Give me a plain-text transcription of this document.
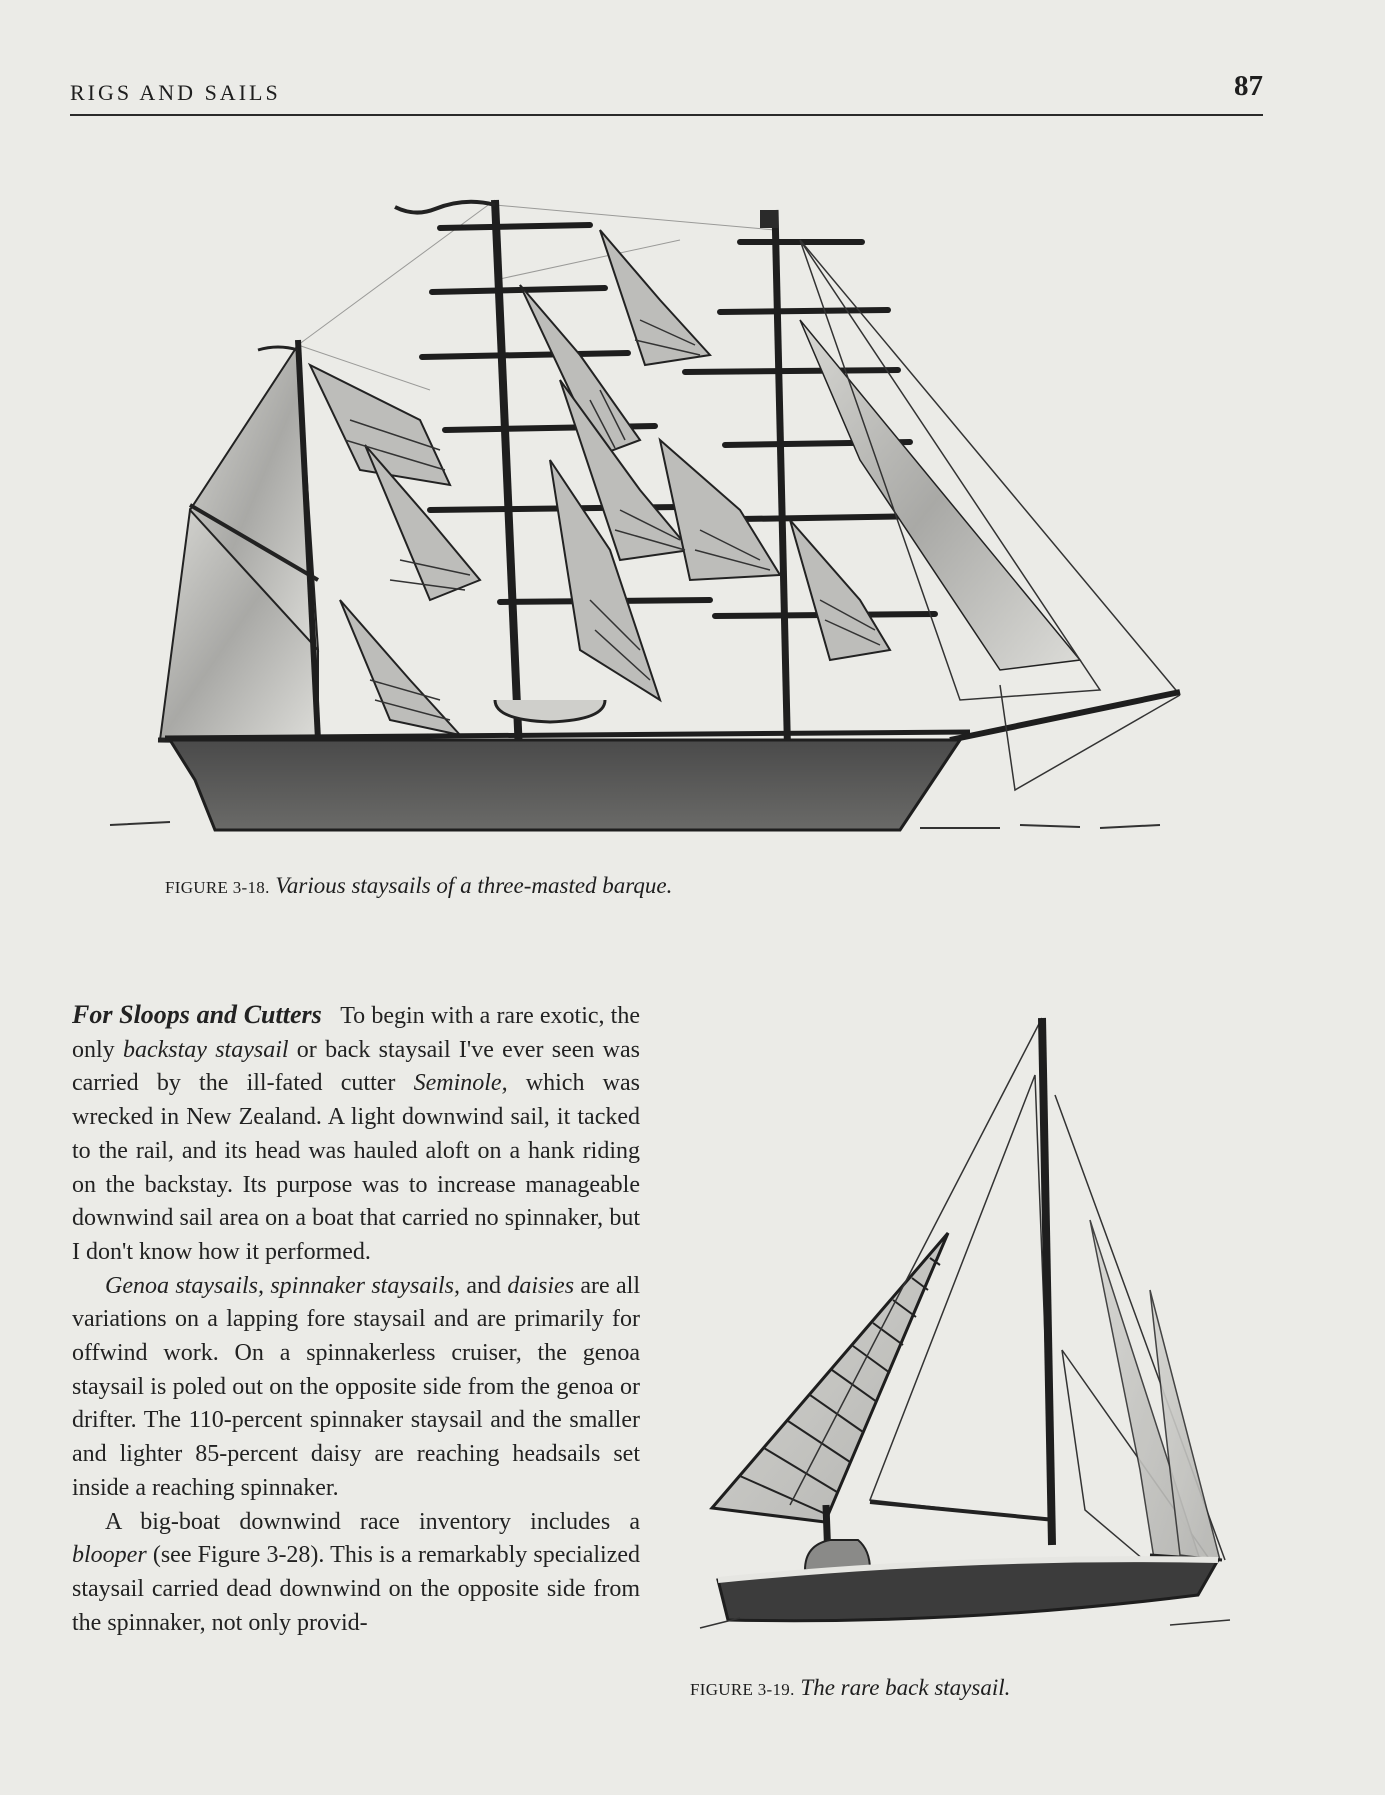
RIGS AND SAILS	87
FIGURE 3-18. Various staysails of a three-masted barque.

For Sloops and Cutters To begin with a rare exotic, the only backstay staysail or back staysail I've ever seen was carried by the ill-fated cutter Seminole, which was wrecked in New Zealand. A light downwind sail, it tacked to the rail, and its head was hauled aloft on a hank riding on the backstay. Its purpose was to increase manageable downwind sail area on a boat that carried no spinnaker, but I don't know how it performed.

Genoa staysails, spinnaker staysails, and daisies are all variations on a lapping fore staysail and are primarily for offwind work. On a spinnakerless cruiser, the genoa staysail is poled out on the opposite side from the genoa or drifter. The 110-percent spinnaker staysail and the smaller and lighter 85-percent daisy are reaching headsails set inside a reaching spinnaker.

A big-boat downwind race inventory includes a blooper (see Figure 3-28). This is a remarkably specialized staysail carried dead downwind on the opposite side from the spinnaker, not only provid-

FIGURE 3-19. The rare back staysail.
